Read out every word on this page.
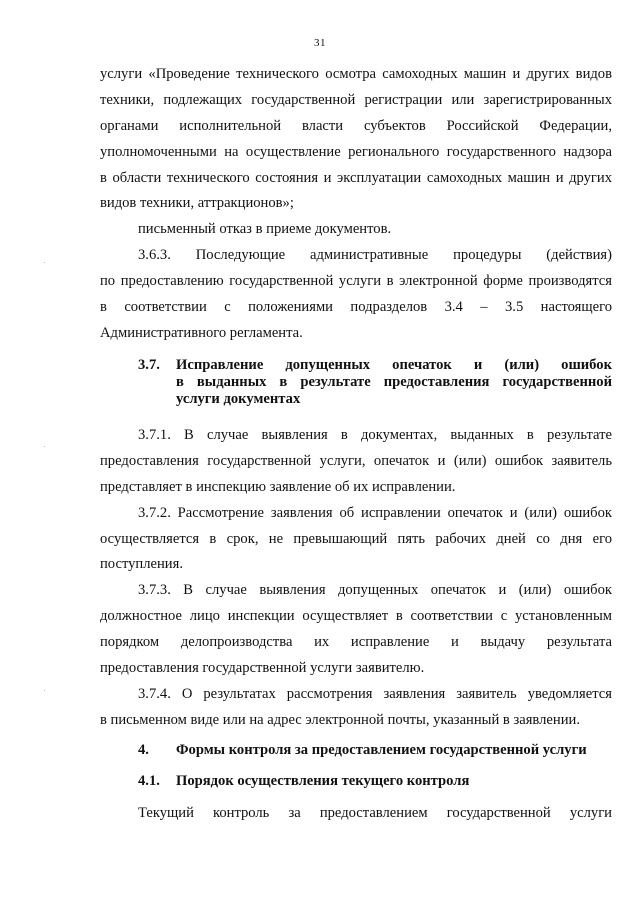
31
услуги «Проведение технического осмотра самоходных машин и других видов
техники, подлежащих государственной регистрации или зарегистрированных
органами исполнительной власти субъектов Российской Федерации,
уполномоченными на осуществление регионального государственного надзора
в области технического состояния и эксплуатации самоходных машин и других
видов техники, аттракционов»;
письменный отказ в приеме документов.
3.6.3. Последующие административные процедуры (действия)
по предоставлению государственной услуги в электронной форме производятся
в соответствии с положениями подразделов 3.4 – 3.5 настоящего
Административного регламента.
3.7. Исправление допущенных опечаток и (или) ошибок
в выданных в результате предоставления государственной
услуги документах
3.7.1. В случае выявления в документах, выданных в результате
предоставления государственной услуги, опечаток и (или) ошибок заявитель
представляет в инспекцию заявление об их исправлении.
3.7.2. Рассмотрение заявления об исправлении опечаток и (или) ошибок
осуществляется в срок, не превышающий пять рабочих дней со дня его
поступления.
3.7.3. В случае выявления допущенных опечаток и (или) ошибок
должностное лицо инспекции осуществляет в соответствии с установленным
порядком делопроизводства их исправление и выдачу результата
предоставления государственной услуги заявителю.
3.7.4. О результатах рассмотрения заявления заявитель уведомляется
в письменном виде или на адрес электронной почты, указанный в заявлении.
4. Формы контроля за предоставлением государственной услуги
4.1. Порядок осуществления текущего контроля
Текущий контроль за предоставлением государственной услуги
